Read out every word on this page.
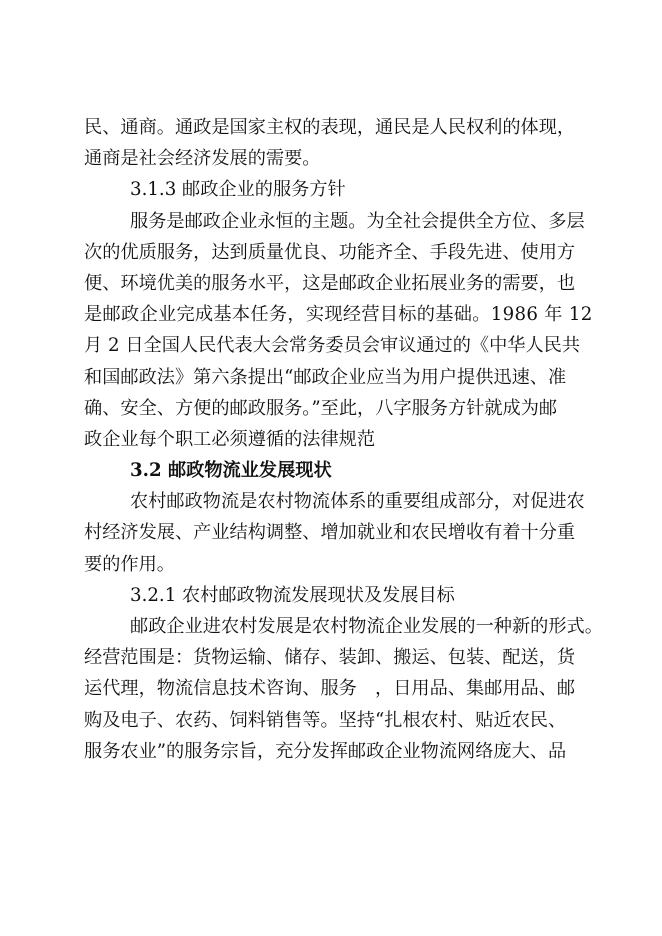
民、通商。通政是国家主权的表现，通民是人民权利的体现，
通商是社会经济发展的需要。
3.1.3 邮政企业的服务方针
服务是邮政企业永恒的主题。为全社会提供全方位、多层
次的优质服务，达到质量优良、功能齐全、手段先进、使用方
便、环境优美的服务水平，这是邮政企业拓展业务的需要，也
是邮政企业完成基本任务，实现经营目标的基础。1986 年 12
月 2 日全国人民代表大会常务委员会审议通过的《中华人民共
和国邮政法》第六条提出“邮政企业应当为用户提供迅速、准
确、安全、方便的邮政服务。”至此，八字服务方针就成为邮
政企业每个职工必须遵循的法律规范
3.2 邮政物流业发展现状
农村邮政物流是农村物流体系的重要组成部分，对促进农
村经济发展、产业结构调整、增加就业和农民增收有着十分重
要的作用。
3.2.1 农村邮政物流发展现状及发展目标
邮政企业进农村发展是农村物流企业发展的一种新的形式。
经营范围是：货物运输、储存、装卸、搬运、包装、配送，货
运代理，物流信息技术咨询、服务　，日用品、集邮用品、邮
购及电子、农药、饲料销售等。坚持“扎根农村、贴近农民、
服务农业”的服务宗旨，充分发挥邮政企业物流网络庞大、品
